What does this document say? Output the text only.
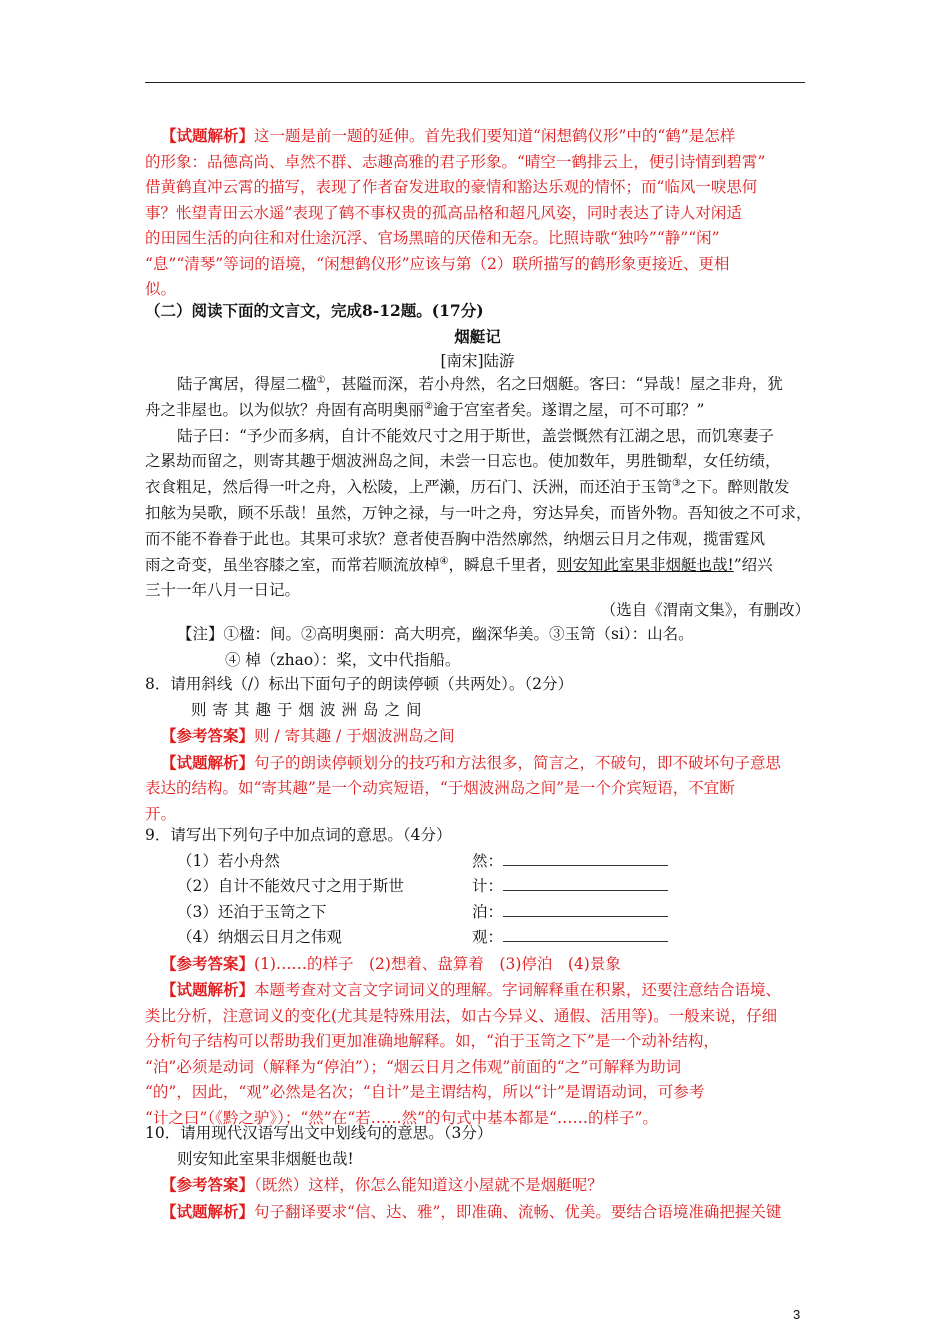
【试题解析】这一题是前一题的延伸。首先我们要知道“闲想鹤仪形”中的“鹤”是怎样
的形象：品德高尚、卓然不群、志趣高雅的君子形象。“晴空一鹤排云上，便引诗情到碧霄”
借黄鹤直冲云霄的描写，表现了作者奋发进取的豪情和豁达乐观的情怀；而“临风一唳思何
事？怅望青田云水遥”表现了鹤不事权贵的孤高品格和超凡风姿，同时表达了诗人对闲适
的田园生活的向往和对仕途沉浮、官场黑暗的厌倦和无奈。比照诗歌“独吟”“静”“闲”
“息”“清琴”等词的语境，“闲想鹤仪形”应该与第（2）联所描写的鹤形象更接近、更相
似。
（二）阅读下面的文言文，完成8-12题。(17分)
烟艇记
[南宋]陆游
陆子寓居，得屋二楹①，甚隘而深，若小舟然，名之曰烟艇。客曰：“异哉！屋之非舟，犹
舟之非屋也。以为似欤？舟固有高明奥丽②逾于宫室者矣。遂谓之屋，可不可耶？”
陆子曰：“予少而多病，自计不能效尺寸之用于斯世，盖尝慨然有江湖之思，而饥寒妻子
之累劫而留之，则寄其趣于烟波洲岛之间，未尝一日忘也。使加数年，男胜锄犁，女任纺绩，
衣食粗足，然后得一叶之舟，入松陵，上严濑，历石门、沃洲，而还泊于玉笥③之下。醉则散发
扣舷为吴歌，顾不乐哉！虽然，万钟之禄，与一叶之舟，穷达异矣，而皆外物。吾知彼之不可求，
而不能不眷眷于此也。其果可求欤？意者使吾胸中浩然廓然，纳烟云日月之伟观，揽雷霆风
雨之奇变，虽坐容膝之室，而常若顺流放棹④，瞬息千里者，则安知此室果非烟艇也哉!”绍兴
三十一年八月一日记。
（选自《渭南文集》，有删改）
【注】①楹：间。②高明奥丽：高大明亮，幽深华美。③玉笥（si）：山名。
④ 棹（zhao）：桨，文中代指船。
8．请用斜线（/）标出下面句子的朗读停顿（共两处）。（2分）
则寄其趣于烟波洲岛之间
【参考答案】则 / 寄其趣 / 于烟波洲岛之间
【试题解析】句子的朗读停顿划分的技巧和方法很多，简言之，不破句，即不破坏句子意思
表达的结构。如“寄其趣”是一个动宾短语，“于烟波洲岛之间”是一个介宾短语，不宜断
开。
9．请写出下列句子中加点词的意思。（4分）
（1）若小舟然	然：
（2）自计不能效尺寸之用于斯世	计：
（3）还泊于玉笥之下	泊：
（4）纳烟云日月之伟观	观：
【参考答案】(1)……的样子　(2)想着、盘算着　(3)停泊　(4)景象
【试题解析】本题考查对文言文字词词义的理解。字词解释重在积累，还要注意结合语境、
类比分析，注意词义的变化(尤其是特殊用法，如古今异义、通假、活用等)。一般来说，仔细
分析句子结构可以帮助我们更加准确地解释。如，“泊于玉笥之下”是一个动补结构，
“泊”必须是动词（解释为“停泊”）；“烟云日月之伟观”前面的“之”可解释为助词
“的”，因此，“观”必然是名次；“自计”是主谓结构，所以“计”是谓语动词，可参考
“计之曰”（《黔之驴》）；“然”在“若……然”的句式中基本都是“……的样子”。
10．请用现代汉语写出文中划线句的意思。（3分）
则安知此室果非烟艇也哉!
【参考答案】（既然）这样，你怎么能知道这小屋就不是烟艇呢？
【试题解析】句子翻译要求“信、达、雅”，即准确、流畅、优美。要结合语境准确把握关键
3
